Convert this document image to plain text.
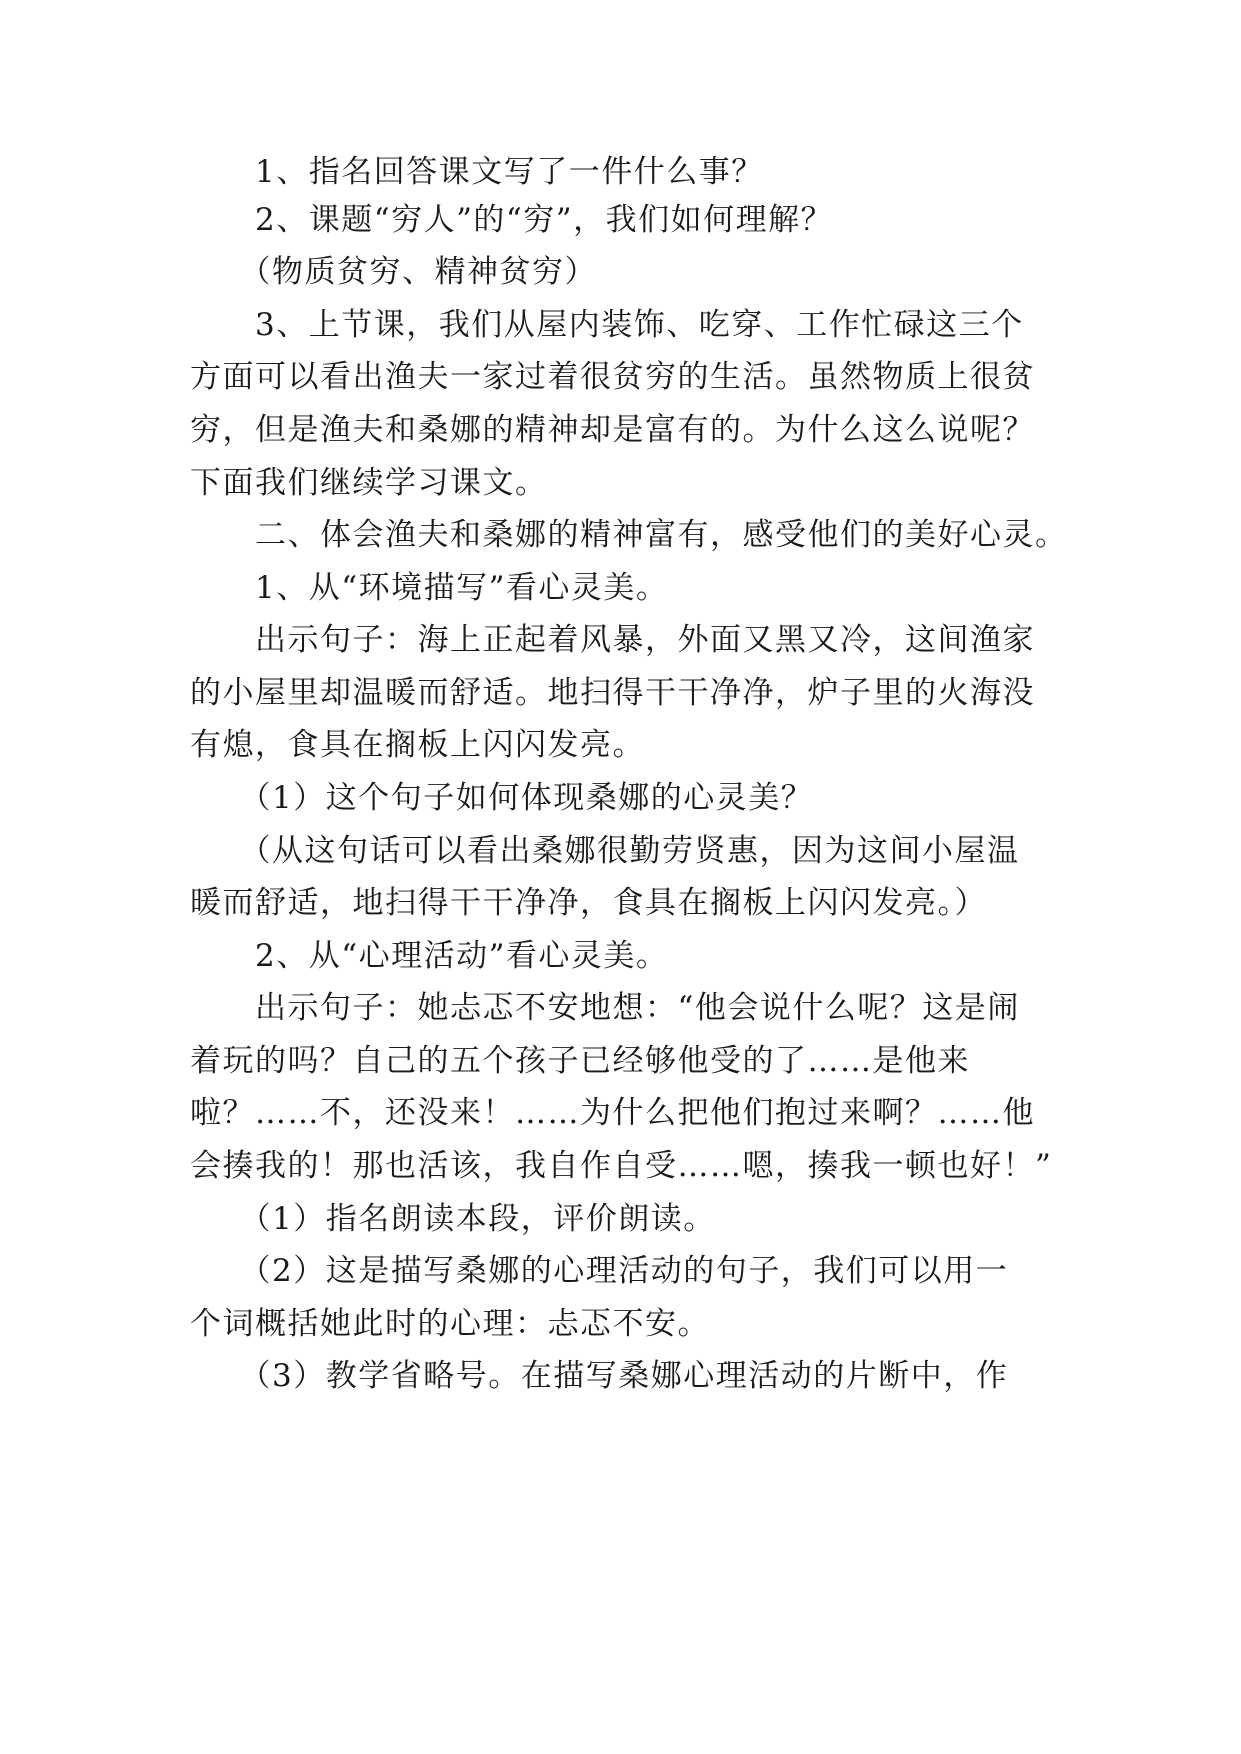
　　1、指名回答课文写了一件什么事？
　　2、课题“穷人”的“穷”，我们如何理解？
　　（物质贫穷、精神贫穷）
　　3、上节课，我们从屋内装饰、吃穿、工作忙碌这三个
方面可以看出渔夫一家过着很贫穷的生活。虽然物质上很贫
穷，但是渔夫和桑娜的精神却是富有的。为什么这么说呢？
下面我们继续学习课文。
　　二、体会渔夫和桑娜的精神富有，感受他们的美好心灵。
　　1、从“环境描写”看心灵美。
　　出示句子：海上正起着风暴，外面又黑又冷，这间渔家
的小屋里却温暖而舒适。地扫得干干净净，炉子里的火海没
有熄，食具在搁板上闪闪发亮。
　　（1）这个句子如何体现桑娜的心灵美？
　　（从这句话可以看出桑娜很勤劳贤惠，因为这间小屋温
暖而舒适，地扫得干干净净，食具在搁板上闪闪发亮。）
　　2、从“心理活动”看心灵美。
　　出示句子：她忐忑不安地想：“他会说什么呢？这是闹
着玩的吗？自己的五个孩子已经够他受的了……是他来
啦？……不，还没来！……为什么把他们抱过来啊？……他
会揍我的！那也活该，我自作自受……嗯，揍我一顿也好！”
　　（1）指名朗读本段，评价朗读。
　　（2）这是描写桑娜的心理活动的句子，我们可以用一
个词概括她此时的心理：忐忑不安。
　　（3）教学省略号。在描写桑娜心理活动的片断中，作
